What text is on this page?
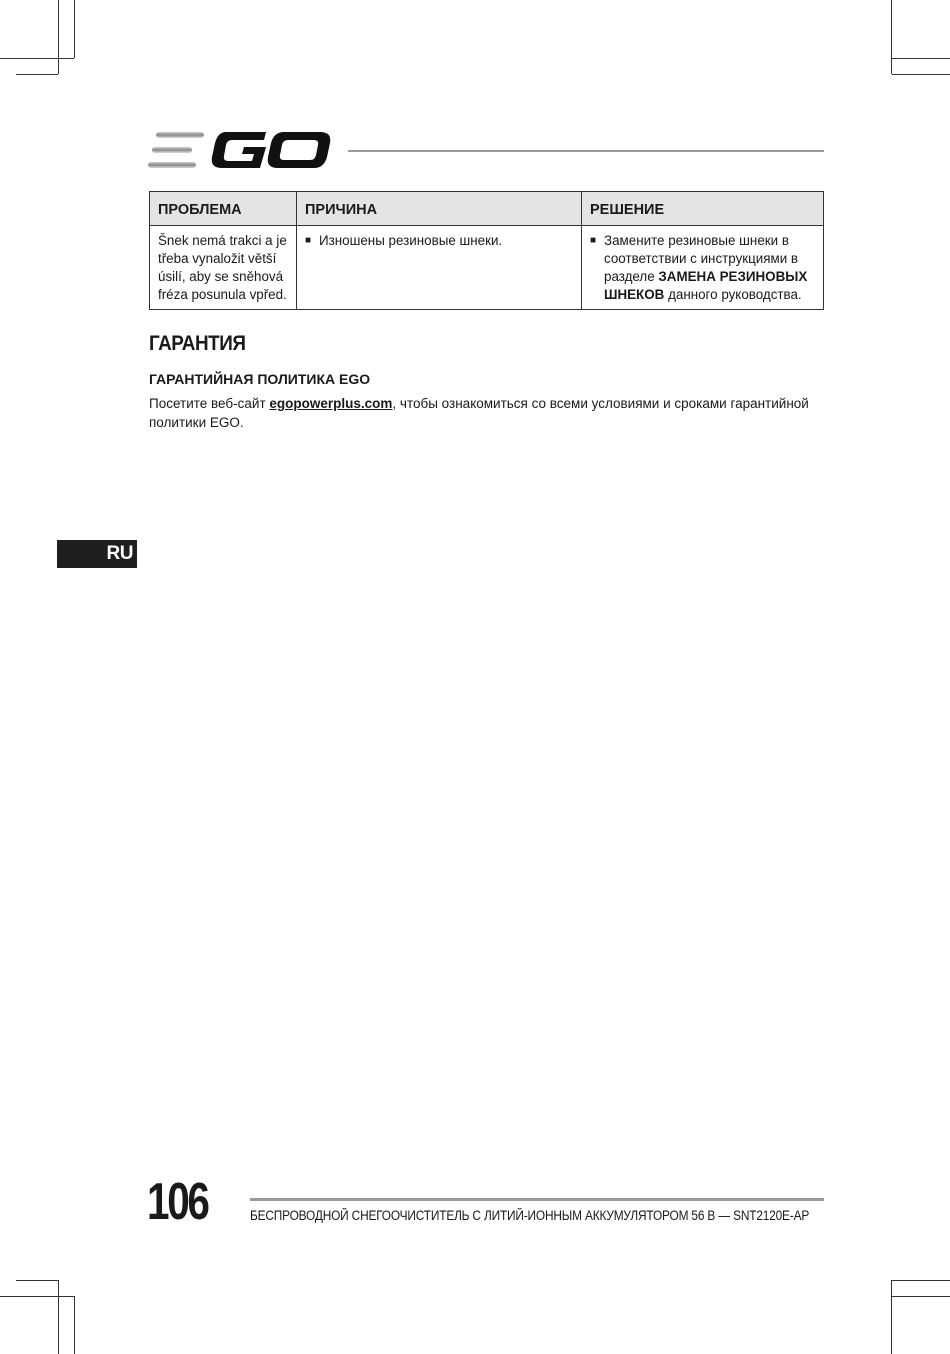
ПРОБЛЕМА	ПРИЧИНА	РЕШЕНИЕ
Šnek nemá trakci a je třeba vynaložit větší úsilí, aby se sněhová fréza posunula vpřed.	■ Изношены резиновые шнеки.	■ Замените резиновые шнеки в соответствии с инструкциями в разделе ЗАМЕНА РЕЗИНОВЫХ ШНЕКОВ данного руководства.
ГАРАНТИЯ
ГАРАНТИЙНАЯ ПОЛИТИКА EGO
Посетите веб-сайт egopowerplus.com, чтобы ознакомиться со всеми условиями и сроками гарантийной политики EGO.
RU
106	БЕСПРОВОДНОЙ СНЕГООЧИСТИТЕЛЬ С ЛИТИЙ-ИОННЫМ АККУМУЛЯТОРОМ 56 В — SNT2120E-AP
